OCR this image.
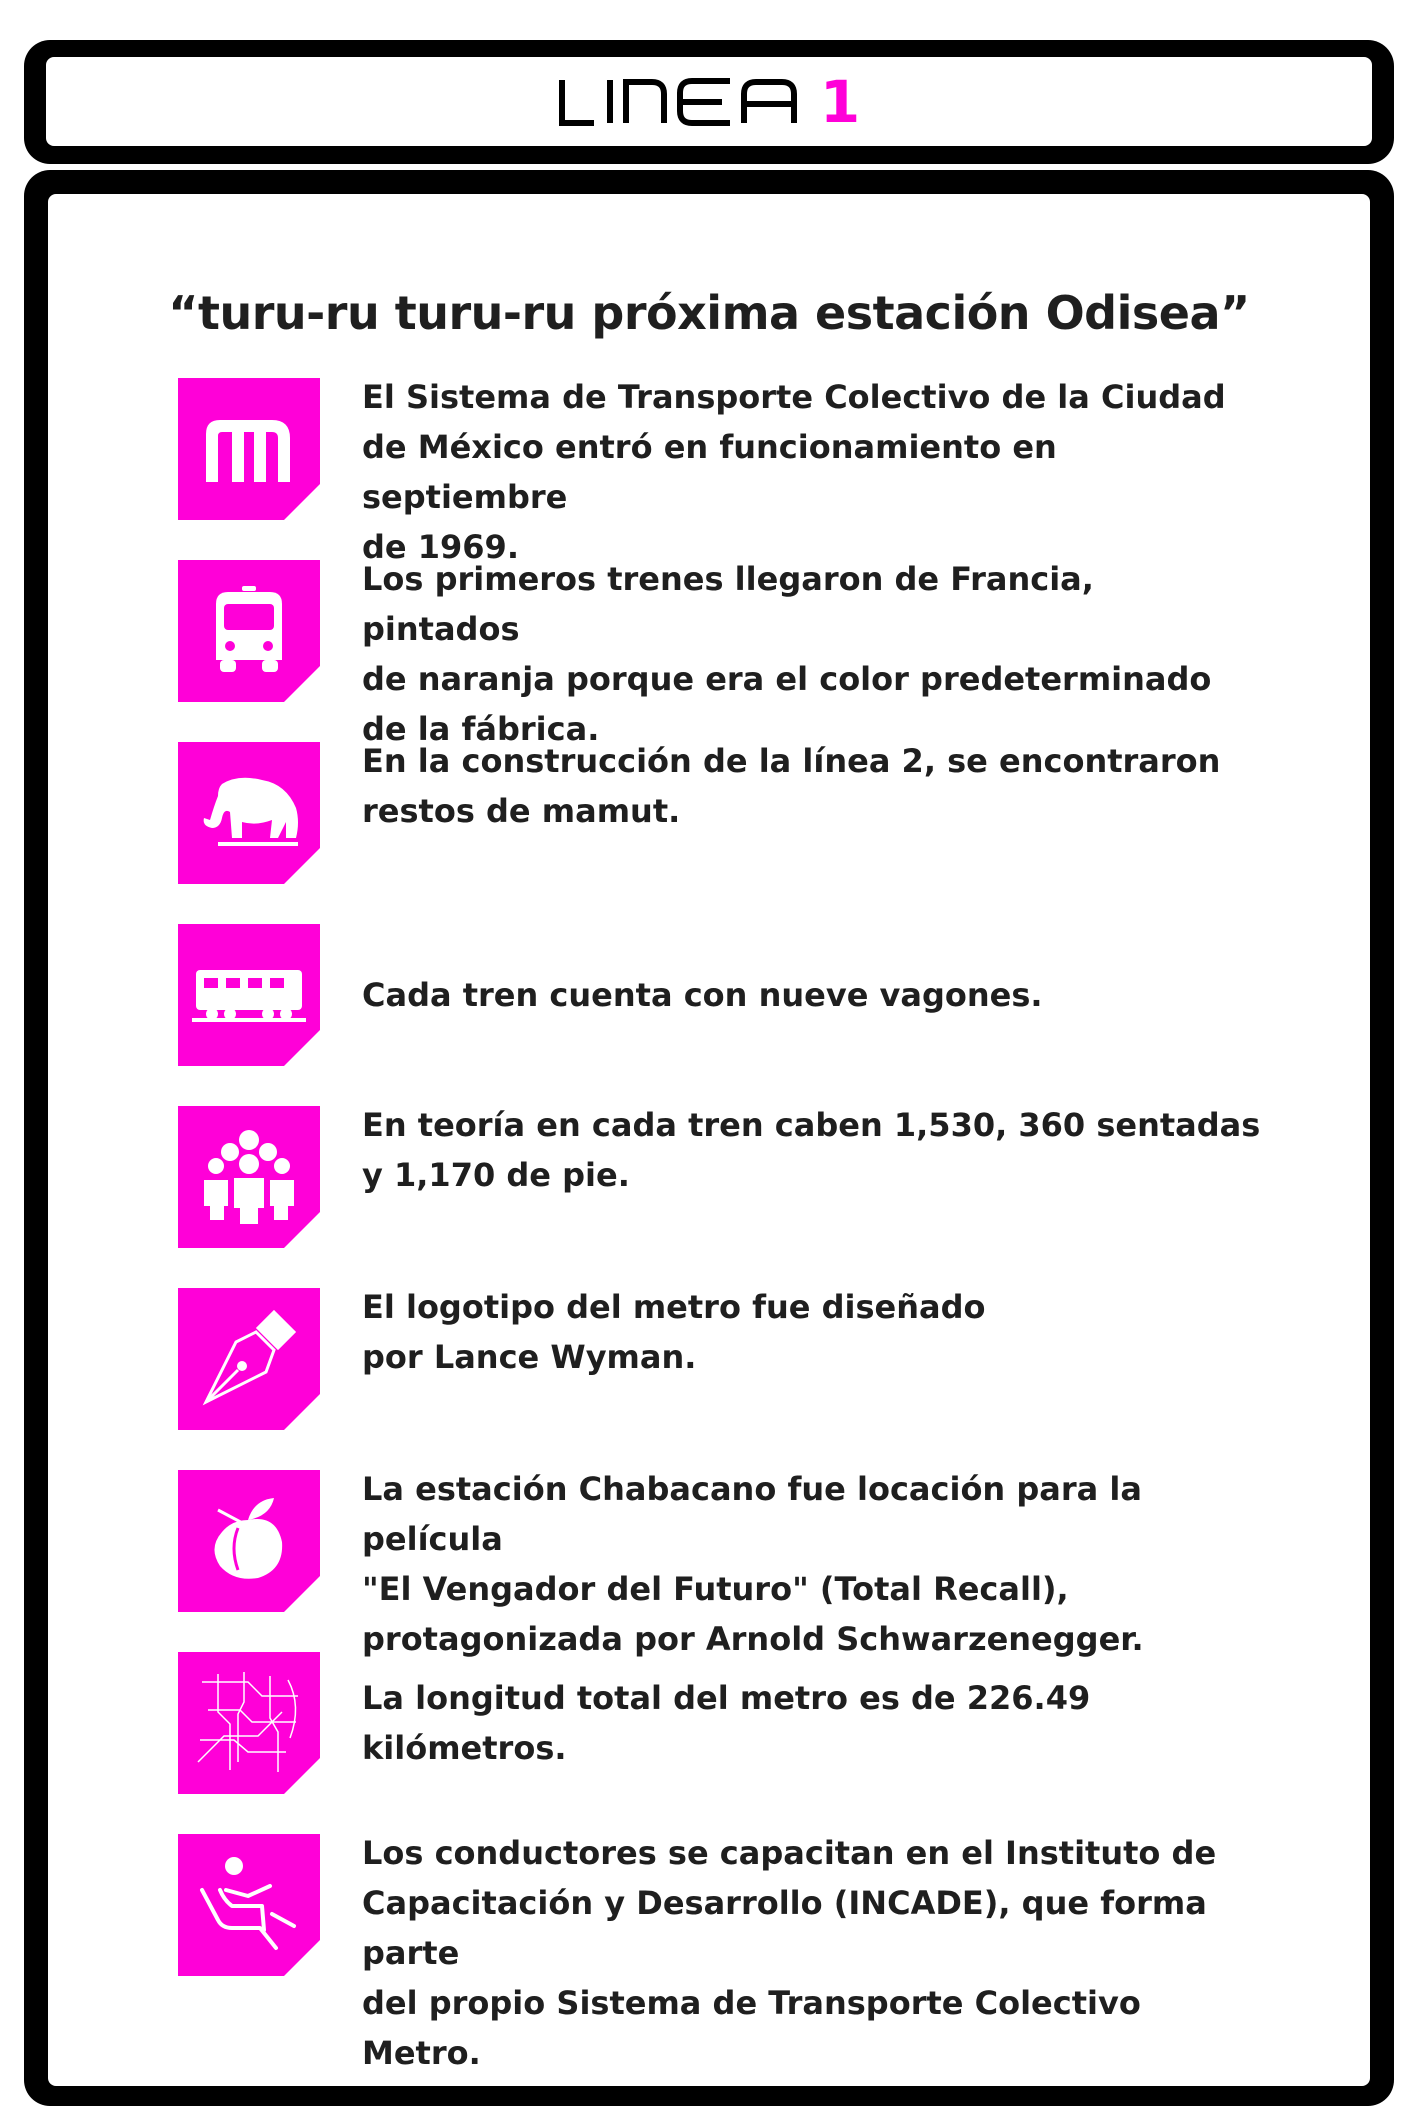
1
“turu-ru turu-ru próxima estación Odisea”
El Sistema de Transporte Colectivo de la Ciudad
de México entró en funcionamiento en septiembre
de 1969.
Los primeros trenes llegaron de Francia, pintados
de naranja porque era el color predeterminado
de la fábrica.
En la construcción de la línea 2, se encontraron
restos de mamut.
Cada tren cuenta con nueve vagones.
En teoría en cada tren caben 1,530, 360 sentadas
y 1,170 de pie.
El logotipo del metro fue diseñado
por Lance Wyman.
La estación Chabacano fue locación para la película
"El Vengador del Futuro" (Total Recall),
protagonizada por Arnold Schwarzenegger.
La longitud total del metro es de 226.49 kilómetros.
Los conductores se capacitan en el Instituto de
Capacitación y Desarrollo (INCADE), que forma parte
del propio Sistema de Transporte Colectivo Metro.
